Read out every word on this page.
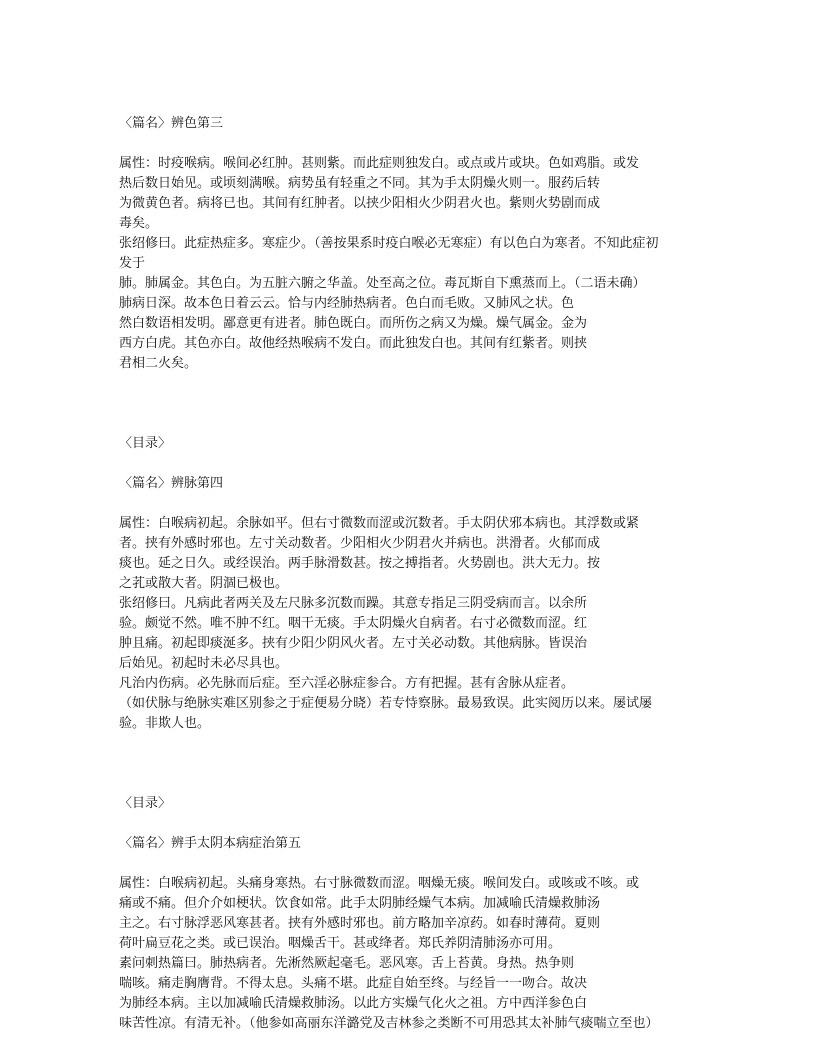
〈篇名〉辨色第三
属性：时疫喉病。喉间必红肿。甚则紫。而此症则独发白。或点或片或块。色如鸡脂。或发
热后数日始见。或顷刻满喉。病势虽有轻重之不同。其为手太阴燥火则一。服药后转
为微黄色者。病将已也。其间有红肿者。以挟少阳相火少阴君火也。紫则火势剧而成
毒矣。
张绍修曰。此症热症多。寒症少。（善按果系时疫白喉必无寒症）有以色白为寒者。不知此症初
发于
肺。肺属金。其色白。为五脏六腑之华盖。处至高之位。毒瓦斯自下熏蒸而上。（二语未确）
肺病日深。故本色日着云云。恰与内经肺热病者。色白而毛败。又肺风之状。色
然白数语相发明。鄙意更有进者。肺色既白。而所伤之病又为燥。燥气属金。金为
西方白虎。其色亦白。故他经热喉病不发白。而此独发白也。其间有红紫者。则挟
君相二火矣。
〈目录〉
〈篇名〉辨脉第四
属性：白喉病初起。余脉如平。但右寸微数而涩或沉数者。手太阴伏邪本病也。其浮数或紧
者。挟有外感时邪也。左寸关动数者。少阳相火少阴君火并病也。洪滑者。火郁而成
痰也。延之日久。或经误治。两手脉滑数甚。按之搏指者。火势剧也。洪大无力。按
之芤或散大者。阴涸已极也。
张绍修曰。凡病此者两关及左尺脉多沉数而躁。其意专指足三阴受病而言。以余所
验。颇觉不然。唯不肿不红。咽干无痰。手太阴燥火自病者。右寸必微数而涩。红
肿且痛。初起即痰涎多。挟有少阳少阴风火者。左寸关必动数。其他病脉。皆误治
后始见。初起时未必尽具也。
凡治内伤病。必先脉而后症。至六淫必脉症参合。方有把握。甚有舍脉从症者。
（如伏脉与绝脉实难区别参之于症便易分晓）若专恃察脉。最易致误。此实阅历以来。屡试屡
验。非欺人也。
〈目录〉
〈篇名〉辨手太阴本病症治第五
属性：白喉病初起。头痛身寒热。右寸脉微数而涩。咽燥无痰。喉间发白。或咳或不咳。或
痛或不痛。但介介如梗状。饮食如常。此手太阴肺经燥气本病。加减喻氏清燥救肺汤
主之。右寸脉浮恶风寒甚者。挟有外感时邪也。前方略加辛凉药。如春时薄荷。夏则
荷叶扁豆花之类。或已误治。咽燥舌干。甚或绛者。郑氏养阴清肺汤亦可用。
素问刺热篇曰。肺热病者。先淅然厥起毫毛。恶风寒。舌上苔黄。身热。热争则
喘咳。痛走胸膺背。不得太息。头痛不堪。此症自始至终。与经旨一一吻合。故决
为肺经本病。主以加减喻氏清燥救肺汤。以此方实燥气化火之祖。方中西洋参色白
味苦性凉。有清无补。（他参如高丽东洋潞党及吉林参之类断不可用恐其太补肺气痰喘立至也）
